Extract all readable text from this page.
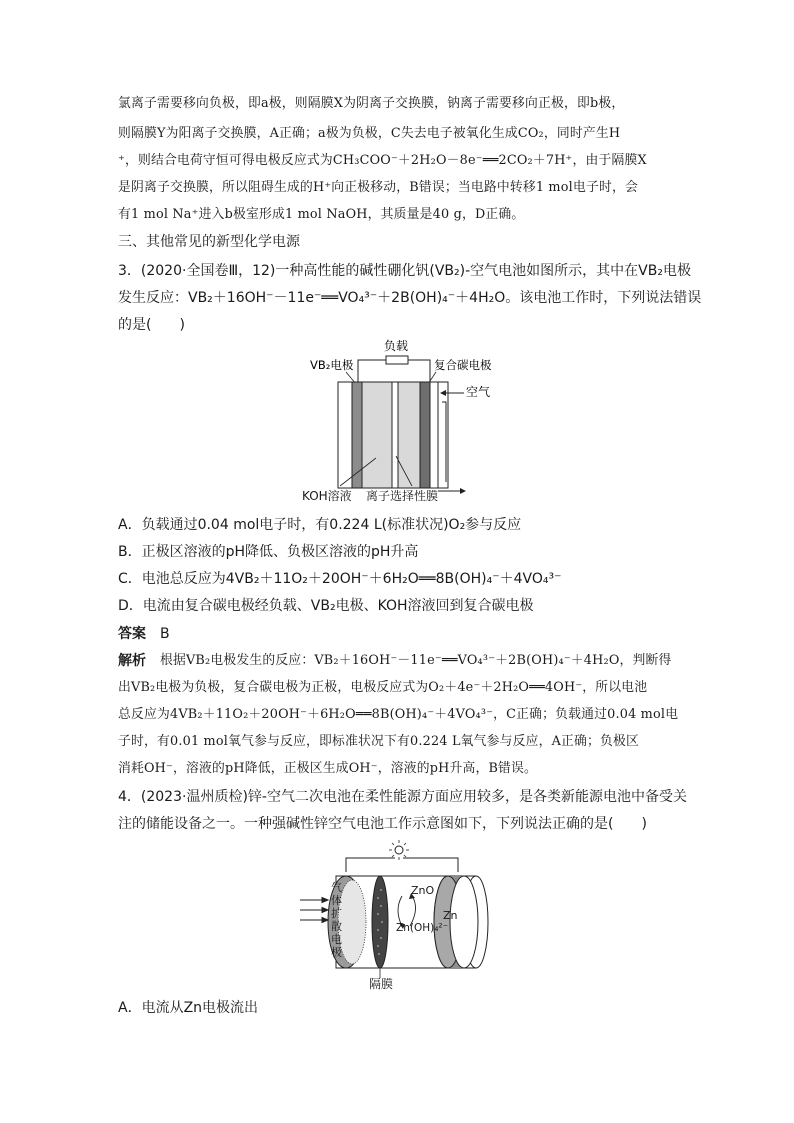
氯离子需要移向负极，即a极，则隔膜X为阴离子交换膜，钠离子需要移向正极，即b极，
则隔膜Y为阳离子交换膜，A正确；a极为负极，C失去电子被氧化生成CO₂，同时产生H
⁺，则结合电荷守恒可得电极反应式为CH₃COO⁻＋2H₂O－8e⁻══2CO₂＋7H⁺，由于隔膜X
是阴离子交换膜，所以阻碍生成的H⁺向正极移动，B错误；当电路中转移1 mol电子时，会
有1 mol Na⁺进入b极室形成1 mol NaOH，其质量是40 g，D正确。
三、其他常见的新型化学电源
3．(2020·全国卷Ⅲ，12)一种高性能的碱性硼化钒(VB₂)-空气电池如图所示，其中在VB₂电极
发生反应：VB₂＋16OH⁻－11e⁻══VO₄³⁻＋2B(OH)₄⁻＋4H₂O。该电池工作时，下列说法错误
的是(　　)
负载
VB₂电极	复合碳电极
空气
KOH溶液 离子选择性膜
A．负载通过0.04 mol电子时，有0.224 L(标准状况)O₂参与反应
B．正极区溶液的pH降低、负极区溶液的pH升高
C．电池总反应为4VB₂＋11O₂＋20OH⁻＋6H₂O══8B(OH)₄⁻＋4VO₄³⁻
D．电流由复合碳电极经负载、VB₂电极、KOH溶液回到复合碳电极
答案 B
解析 根据VB₂电极发生的反应：VB₂＋16OH⁻－11e⁻══VO₄³⁻＋2B(OH)₄⁻＋4H₂O，判断得
出VB₂电极为负极，复合碳电极为正极，电极反应式为O₂＋4e⁻＋2H₂O══4OH⁻，所以电池
总反应为4VB₂＋11O₂＋20OH⁻＋6H₂O══8B(OH)₄⁻＋4VO₄³⁻，C正确；负载通过0.04 mol电
子时，有0.01 mol氧气参与反应，即标准状况下有0.224 L氧气参与反应，A正确；负极区
消耗OH⁻，溶液的pH降低，正极区生成OH⁻，溶液的pH升高，B错误。
4．(2023·温州质检)锌-空气二次电池在柔性能源方面应用较多，是各类新能源电池中备受关
注的储能设备之一。一种强碱性锌空气电池工作示意图如下，下列说法正确的是(　　)
气
体
扩
散
电
极
ZnO
Zn(OH)₄²⁻
Zn
隔膜
A．电流从Zn电极流出
